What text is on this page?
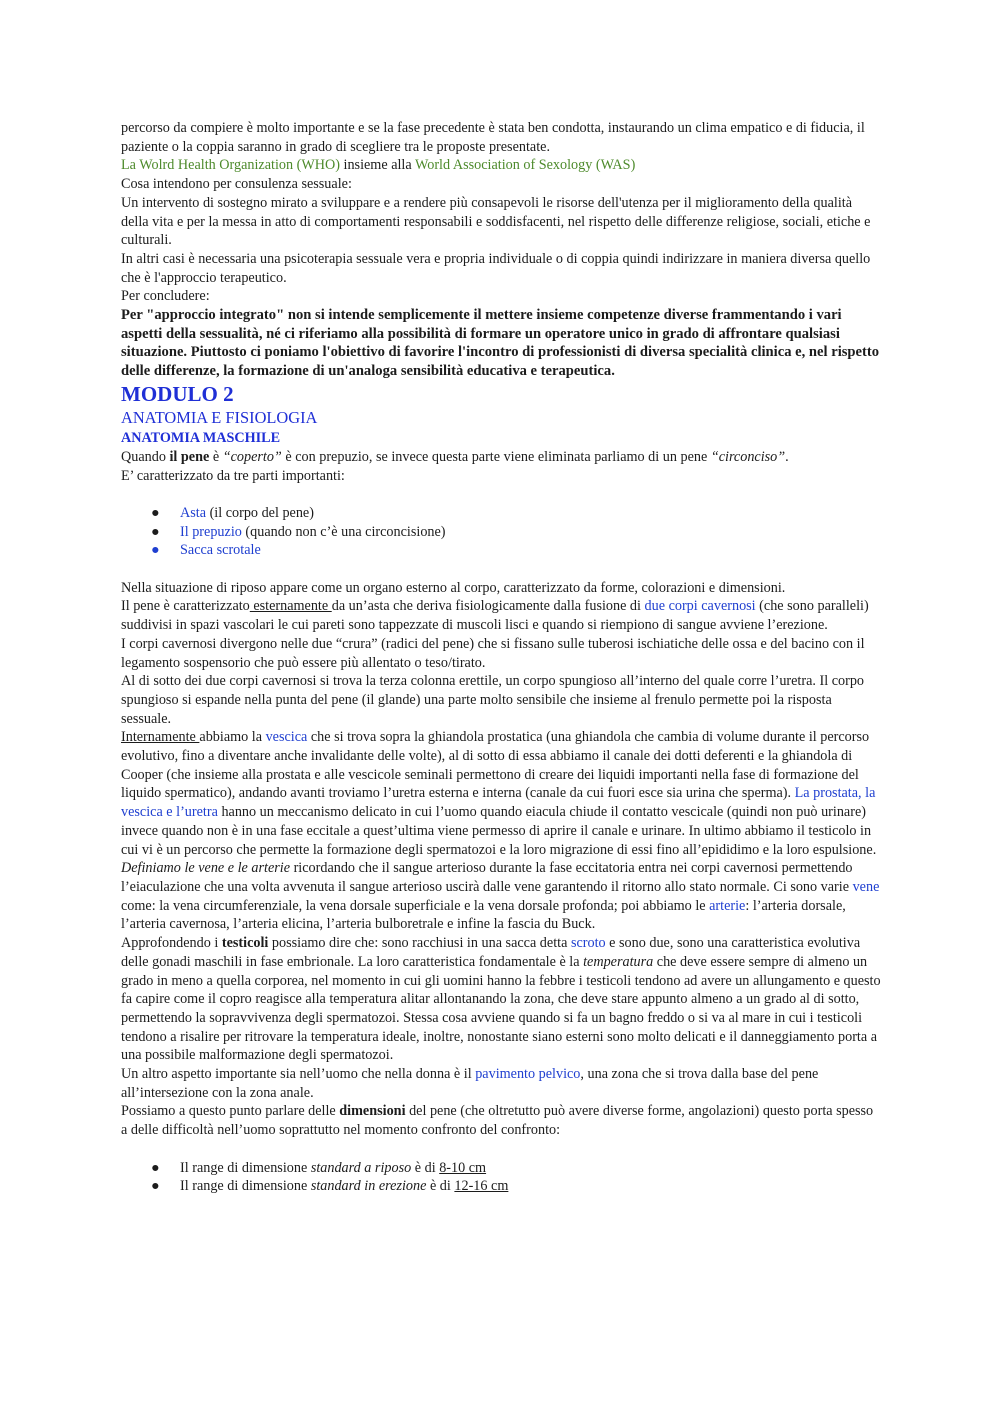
percorso da compiere è molto importante e se la fase precedente è stata ben condotta, instaurando un clima empatico e di fiducia, il paziente o la coppia saranno in grado di scegliere tra le proposte presentate.

La Wolrd Health Organization (WHO) insieme alla World Association of Sexology (WAS)

Cosa intendono per consulenza sessuale:

Un intervento di sostegno mirato a sviluppare e a rendere più consapevoli le risorse dell'utenza per il miglioramento della qualità della vita e per la messa in atto di comportamenti responsabili e soddisfacenti, nel rispetto delle differenze religiose, sociali, etiche e culturali.

In altri casi è necessaria una psicoterapia sessuale vera e propria individuale o di coppia quindi indirizzare in maniera diversa quello che è l'approccio terapeutico.

Per concludere:

Per "approccio integrato" non si intende semplicemente il mettere insieme competenze diverse frammentando i vari aspetti della sessualità, né ci riferiamo alla possibilità di formare un operatore unico in grado di affrontare qualsiasi situazione. Piuttosto ci poniamo l'obiettivo di favorire l'incontro di professionisti di diversa specialità clinica e, nel rispetto delle differenze, la formazione di un'analoga sensibilità educativa e terapeutica.

MODULO 2
ANATOMIA E FISIOLOGIA
ANATOMIA MASCHILE

Quando il pene è “coperto” è con prepuzio, se invece questa parte viene eliminata parliamo di un pene “circonciso”.

E’ caratterizzato da tre parti importanti:

● Asta (il corpo del pene)
● Il prepuzio (quando non c’è una circoncisione)
● Sacca scrotale

Nella situazione di riposo appare come un organo esterno al corpo, caratterizzato da forme, colorazioni e dimensioni.

Il pene è caratterizzato esternamente da un’asta che deriva fisiologicamente dalla fusione di due corpi cavernosi (che sono paralleli) suddivisi in spazi vascolari le cui pareti sono tappezzate di muscoli lisci e quando si riempiono di sangue avviene l’erezione.

I corpi cavernosi divergono nelle due “crura” (radici del pene) che si fissano sulle tuberosi ischiatiche delle ossa e del bacino con il legamento sospensorio che può essere più allentato o teso/tirato.

Al di sotto dei due corpi cavernosi si trova la terza colonna erettile, un corpo spungioso all’interno del quale corre l’uretra. Il corpo spungioso si espande nella punta del pene (il glande) una parte molto sensibile che insieme al frenulo permette poi la risposta sessuale.

Internamente abbiamo la vescica che si trova sopra la ghiandola prostatica (una ghiandola che cambia di volume durante il percorso evolutivo, fino a diventare anche invalidante delle volte), al di sotto di essa abbiamo il canale dei dotti deferenti e la ghiandola di Cooper (che insieme alla prostata e alle vescicole seminali permettono di creare dei liquidi importanti nella fase di formazione del liquido spermatico), andando avanti troviamo l’uretra esterna e interna (canale da cui fuori esce sia urina che sperma). La prostata, la vescica e l’uretra hanno un meccanismo delicato in cui l’uomo quando eiacula chiude il contatto vescicale (quindi non può urinare) invece quando non è in una fase eccitale a quest’ultima viene permesso di aprire il canale e urinare. In ultimo abbiamo il testicolo in cui vi è un percorso che permette la formazione degli spermatozoi e la loro migrazione di essi fino all’epididimo e la loro espulsione.

Definiamo le vene e le arterie ricordando che il sangue arterioso durante la fase eccitatoria entra nei corpi cavernosi permettendo l’eiaculazione che una volta avvenuta il sangue arterioso uscirà dalle vene garantendo il ritorno allo stato normale. Ci sono varie vene come: la vena circumferenziale, la vena dorsale superficiale e la vena dorsale profonda; poi abbiamo le arterie: l’arteria dorsale, l’arteria cavernosa, l’arteria elicina, l’arteria bulboretrale e infine la fascia du Buck.

Approfondendo i testicoli possiamo dire che: sono racchiusi in una sacca detta scroto e sono due, sono una caratteristica evolutiva delle gonadi maschili in fase embrionale. La loro caratteristica fondamentale è la temperatura che deve essere sempre di almeno un grado in meno a quella corporea, nel momento in cui gli uomini hanno la febbre i testicoli tendono ad avere un allungamento e questo fa capire come il copro reagisce alla temperatura alitar allontanando la zona, che deve stare appunto almeno a un grado al di sotto, permettendo la sopravvivenza degli spermatozoi. Stessa cosa avviene quando si fa un bagno freddo o si va al mare in cui i testicoli tendono a risalire per ritrovare la temperatura ideale, inoltre, nonostante siano esterni sono molto delicati e il danneggiamento porta a una possibile malformazione degli spermatozoi.

Un altro aspetto importante sia nell’uomo che nella donna è il pavimento pelvico, una zona che si trova dalla base del pene all’intersezione con la zona anale.

Possiamo a questo punto parlare delle dimensioni del pene (che oltretutto può avere diverse forme, angolazioni) questo porta spesso a delle difficoltà nell’uomo soprattutto nel momento confronto del confronto:

● Il range di dimensione standard a riposo è di 8-10 cm
● Il range di dimensione standard in erezione è di 12-16 cm
